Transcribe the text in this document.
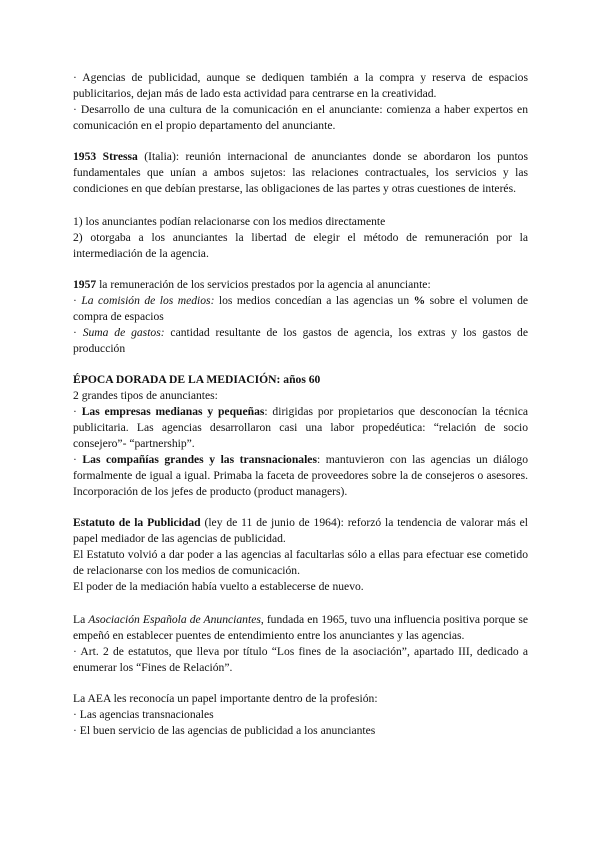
· Agencias de publicidad, aunque se dediquen también a la compra y reserva de espacios publicitarios, dejan más de lado esta actividad para centrarse en la creatividad.

· Desarrollo de una cultura de la comunicación en el anunciante: comienza a haber expertos en comunicación en el propio departamento del anunciante.

1953 Stressa (Italia): reunión internacional de anunciantes donde se abordaron los puntos fundamentales que unían a ambos sujetos: las relaciones contractuales, los servicios y las condiciones en que debían prestarse, las obligaciones de las partes y otras cuestiones de interés.

1) los anunciantes podían relacionarse con los medios directamente

2) otorgaba a los anunciantes la libertad de elegir el método de remuneración por la intermediación de la agencia.

1957 la remuneración de los servicios prestados por la agencia al anunciante:

· La comisión de los medios: los medios concedían a las agencias un % sobre el volumen de compra de espacios

· Suma de gastos: cantidad resultante de los gastos de agencia, los extras y los gastos de producción

ÉPOCA DORADA DE LA MEDIACIÓN: años 60

2 grandes tipos de anunciantes:

· Las empresas medianas y pequeñas: dirigidas por propietarios que desconocían la técnica publicitaria. Las agencias desarrollaron casi una labor propedéutica: “relación de socio consejero”- “partnership”.

· Las compañías grandes y las transnacionales: mantuvieron con las agencias un diálogo formalmente de igual a igual. Primaba la faceta de proveedores sobre la de consejeros o asesores. Incorporación de los jefes de producto (product managers).

Estatuto de la Publicidad (ley de 11 de junio de 1964): reforzó la tendencia de valorar más el papel mediador de las agencias de publicidad.

El Estatuto volvió a dar poder a las agencias al facultarlas sólo a ellas para efectuar ese cometido de relacionarse con los medios de comunicación.

El poder de la mediación había vuelto a establecerse de nuevo.

La Asociación Española de Anunciantes, fundada en 1965, tuvo una influencia positiva porque se empeñó en establecer puentes de entendimiento entre los anunciantes y las agencias.

· Art. 2 de estatutos, que lleva por título “Los fines de la asociación”, apartado III, dedicado a enumerar los “Fines de Relación”.

La AEA les reconocía un papel importante dentro de la profesión:

· Las agencias transnacionales

· El buen servicio de las agencias de publicidad a los anunciantes
